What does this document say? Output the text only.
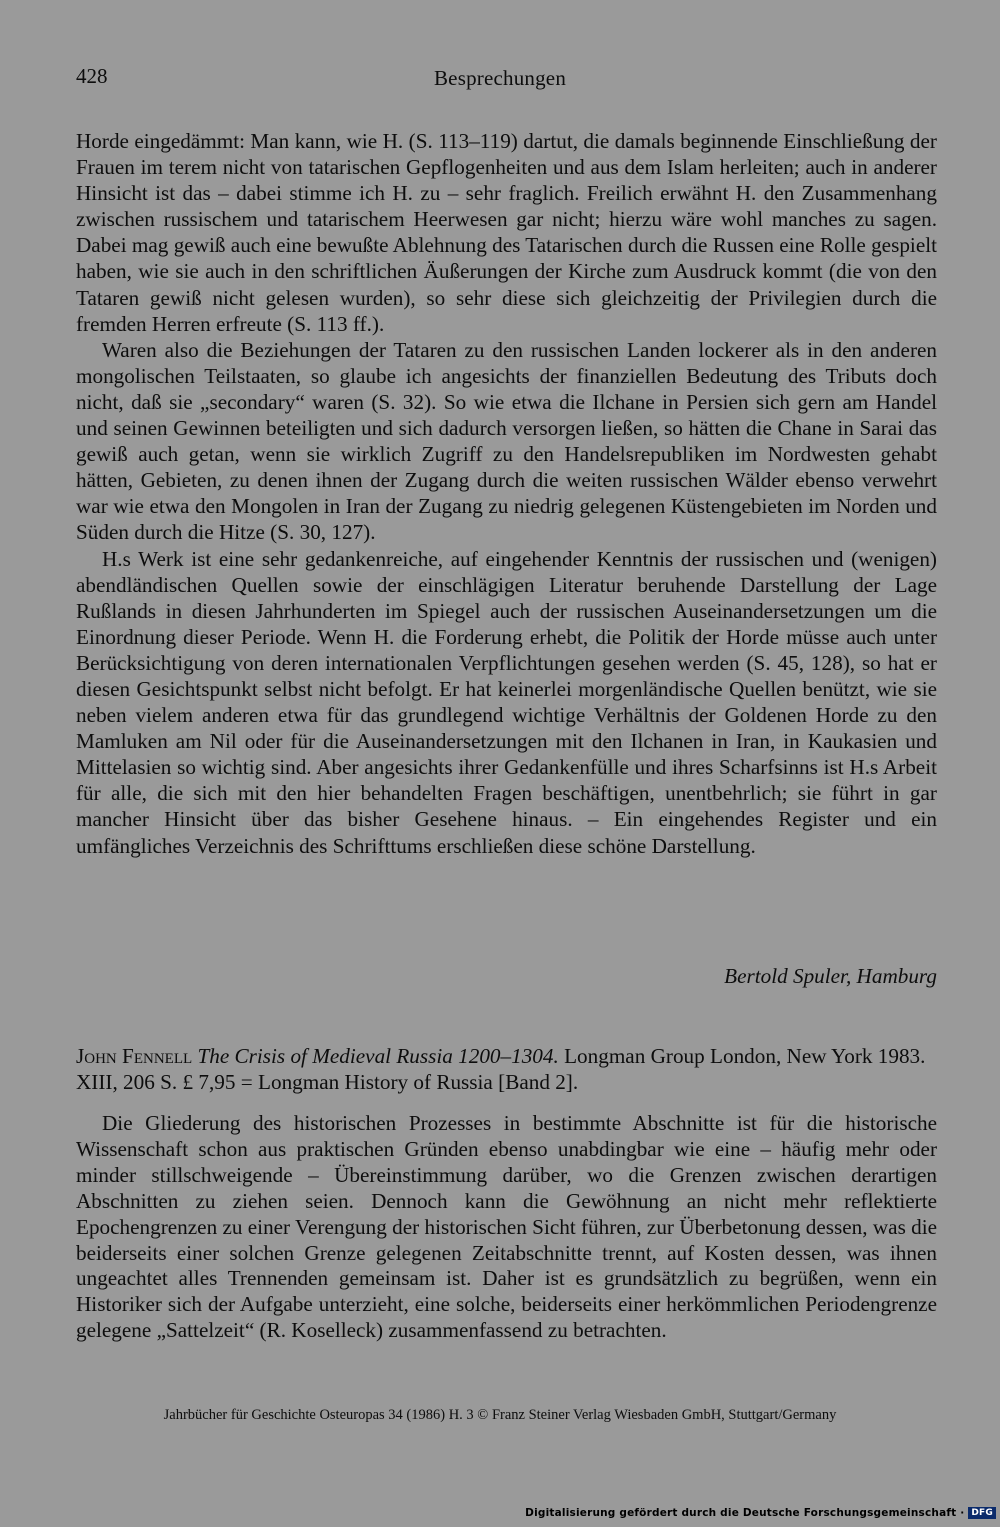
428	Besprechungen

Horde eingedämmt: Man kann, wie H. (S. 113–119) dartut, die damals beginnende Einschließung der Frauen im terem nicht von tatarischen Gepflogenheiten und aus dem Islam herleiten; auch in anderer Hinsicht ist das – dabei stimme ich H. zu – sehr fraglich. Freilich erwähnt H. den Zusammenhang zwischen russischem und tatarischem Heerwesen gar nicht; hierzu wäre wohl manches zu sagen. Dabei mag gewiß auch eine bewußte Ablehnung des Tatarischen durch die Russen eine Rolle gespielt haben, wie sie auch in den schriftlichen Äußerungen der Kirche zum Ausdruck kommt (die von den Tataren gewiß nicht gelesen wurden), so sehr diese sich gleichzeitig der Privilegien durch die fremden Herren erfreute (S. 113 ff.).

Waren also die Beziehungen der Tataren zu den russischen Landen lockerer als in den anderen mongolischen Teilstaaten, so glaube ich angesichts der finanziellen Bedeutung des Tributs doch nicht, daß sie „secondary“ waren (S. 32). So wie etwa die Ilchane in Persien sich gern am Handel und seinen Gewinnen beteiligten und sich dadurch versorgen ließen, so hätten die Chane in Sarai das gewiß auch getan, wenn sie wirklich Zugriff zu den Handelsrepubliken im Nordwesten gehabt hätten, Gebieten, zu denen ihnen der Zugang durch die weiten russischen Wälder ebenso verwehrt war wie etwa den Mongolen in Iran der Zugang zu niedrig gelegenen Küstengebieten im Norden und Süden durch die Hitze (S. 30, 127).

H.s Werk ist eine sehr gedankenreiche, auf eingehender Kenntnis der russischen und (wenigen) abendländischen Quellen sowie der einschlägigen Literatur beruhende Darstellung der Lage Rußlands in diesen Jahrhunderten im Spiegel auch der russischen Auseinandersetzungen um die Einordnung dieser Periode. Wenn H. die Forderung erhebt, die Politik der Horde müsse auch unter Berücksichtigung von deren internationalen Verpflichtungen gesehen werden (S. 45, 128), so hat er diesen Gesichtspunkt selbst nicht befolgt. Er hat keinerlei morgenländische Quellen benützt, wie sie neben vielem anderen etwa für das grundlegend wichtige Verhältnis der Goldenen Horde zu den Mamluken am Nil oder für die Auseinandersetzungen mit den Ilchanen in Iran, in Kaukasien und Mittelasien so wichtig sind. Aber angesichts ihrer Gedankenfülle und ihres Scharfsinns ist H.s Arbeit für alle, die sich mit den hier behandelten Fragen beschäftigen, unentbehrlich; sie führt in gar mancher Hinsicht über das bisher Gesehene hinaus. – Ein eingehendes Register und ein umfängliches Verzeichnis des Schrifttums erschließen diese schöne Darstellung.

Bertold Spuler, Hamburg
John Fennell The Crisis of Medieval Russia 1200–1304. Longman Group London, New York 1983. XIII, 206 S. £ 7,95 = Longman History of Russia [Band 2].

Die Gliederung des historischen Prozesses in bestimmte Abschnitte ist für die historische Wissenschaft schon aus praktischen Gründen ebenso unabdingbar wie eine – häufig mehr oder minder stillschweigende – Übereinstimmung darüber, wo die Grenzen zwischen derartigen Abschnitten zu ziehen seien. Dennoch kann die Gewöhnung an nicht mehr reflektierte Epochengrenzen zu einer Verengung der historischen Sicht führen, zur Überbetonung dessen, was die beiderseits einer solchen Grenze gelegenen Zeitabschnitte trennt, auf Kosten dessen, was ihnen ungeachtet alles Trennenden gemeinsam ist. Daher ist es grundsätzlich zu begrüßen, wenn ein Historiker sich der Aufgabe unterzieht, eine solche, beiderseits einer herkömmlichen Periodengrenze gelegene „Sattelzeit“ (R. Koselleck) zusammenfassend zu betrachten.

Jahrbücher für Geschichte Osteuropas 34 (1986) H. 3 © Franz Steiner Verlag Wiesbaden GmbH, Stuttgart/Germany
Digitalisierung gefördert durch die Deutsche Forschungsgemeinschaft · DFG
